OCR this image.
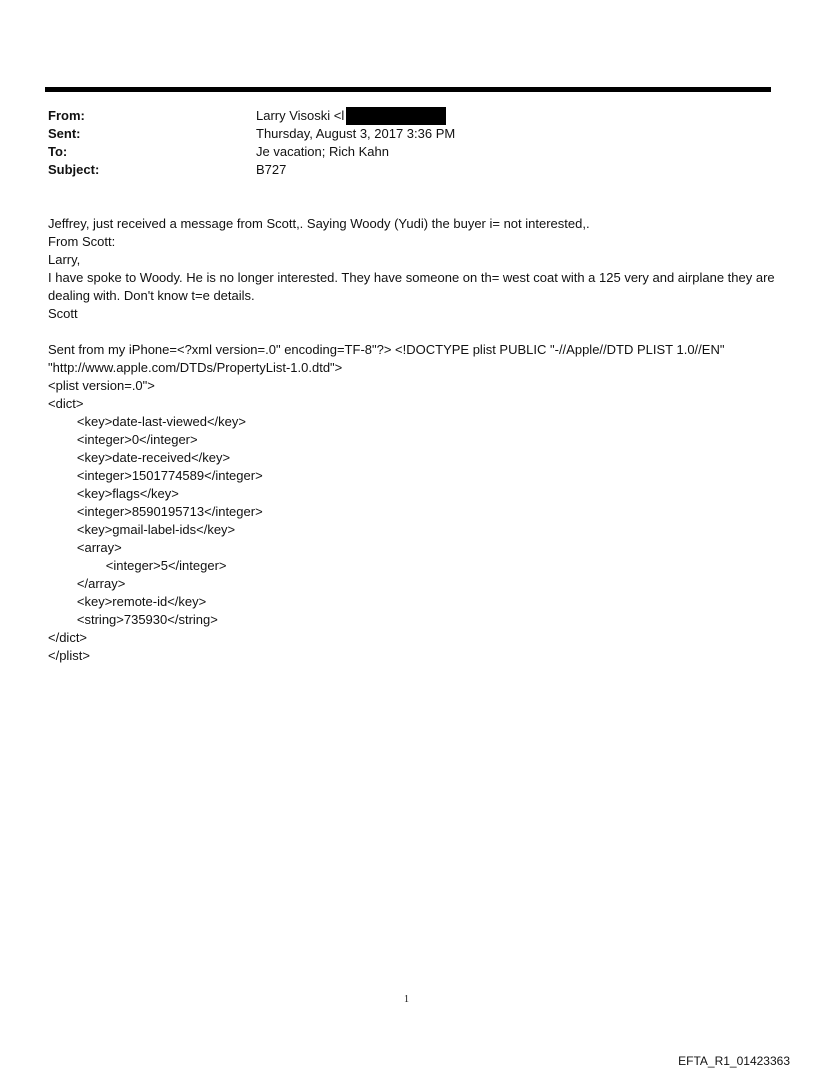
From:	Larry Visoski <l
Sent:	Thursday, August 3, 2017 3:36 PM
To:	Je vacation; Rich Kahn
Subject:	B727
Jeffrey, just received a message from Scott,. Saying Woody (Yudi) the buyer i= not interested,.
From Scott:
Larry,
I have spoke to Woody. He is no longer interested. They have someone on th= west coat with a 125 very and airplane they are dealing with. Don't know t=e details.
Scott
Sent from my iPhone=<?xml version=.0" encoding=TF-8"?> <!DOCTYPE plist PUBLIC "-//Apple//DTD PLIST 1.0//EN" "http://www.apple.com/DTDs/PropertyList-1.0.dtd">
<plist version=.0">
<dict>
<key>date-last-viewed</key>
<integer>0</integer>
<key>date-received</key>
<integer>1501774589</integer>
<key>flags</key>
<integer>8590195713</integer>
<key>gmail-label-ids</key>
<array>
<integer>5</integer>
</array>
<key>remote-id</key>
<string>735930</string>
</dict>
</plist>
1
EFTA_R1_01423363
